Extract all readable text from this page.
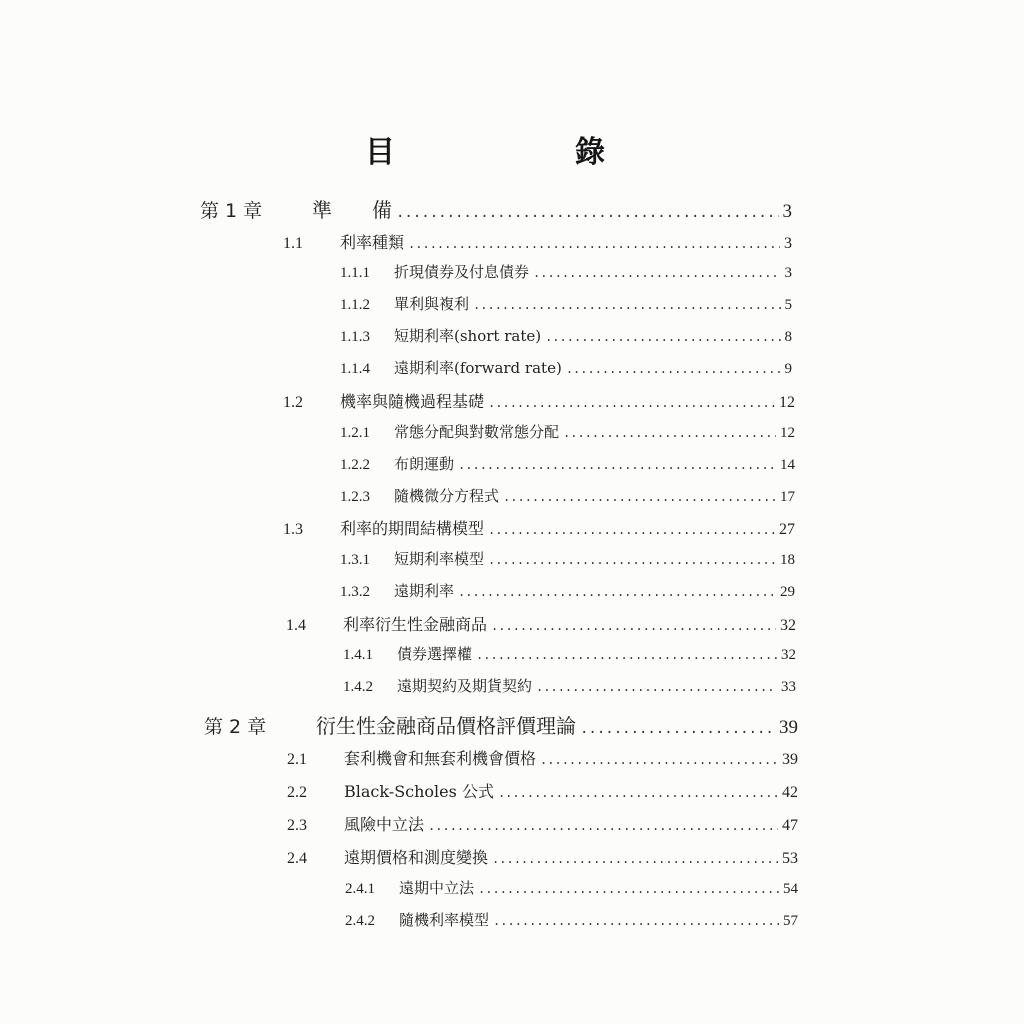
目　　錄
第 1 章	準　　備 .....	3
1.1	利率種類 .....	3
1.1.1	折現債券及付息債券 .....	3
1.1.2	單利與複利 .....	5
1.1.3	短期利率(short rate) .....	8
1.1.4	遠期利率(forward rate) .....	9
1.2	機率與隨機過程基礎 .....	12
1.2.1	常態分配與對數常態分配 .....	12
1.2.2	布朗運動 .....	14
1.2.3	隨機微分方程式 .....	17
1.3	利率的期間結構模型 .....	27
1.3.1	短期利率模型 .....	18
1.3.2	遠期利率 .....	29
1.4	利率衍生性金融商品 .....	32
1.4.1	債券選擇權 .....	32
1.4.2	遠期契約及期貨契約 .....	33
第 2 章	衍生性金融商品價格評價理論 .....	39
2.1	套利機會和無套利機會價格 .....	39
2.2	Black-Scholes 公式 .....	42
2.3	風險中立法 .....	47
2.4	遠期價格和測度變換 .....	53
2.4.1	遠期中立法 .....	54
2.4.2	隨機利率模型 .....	57
